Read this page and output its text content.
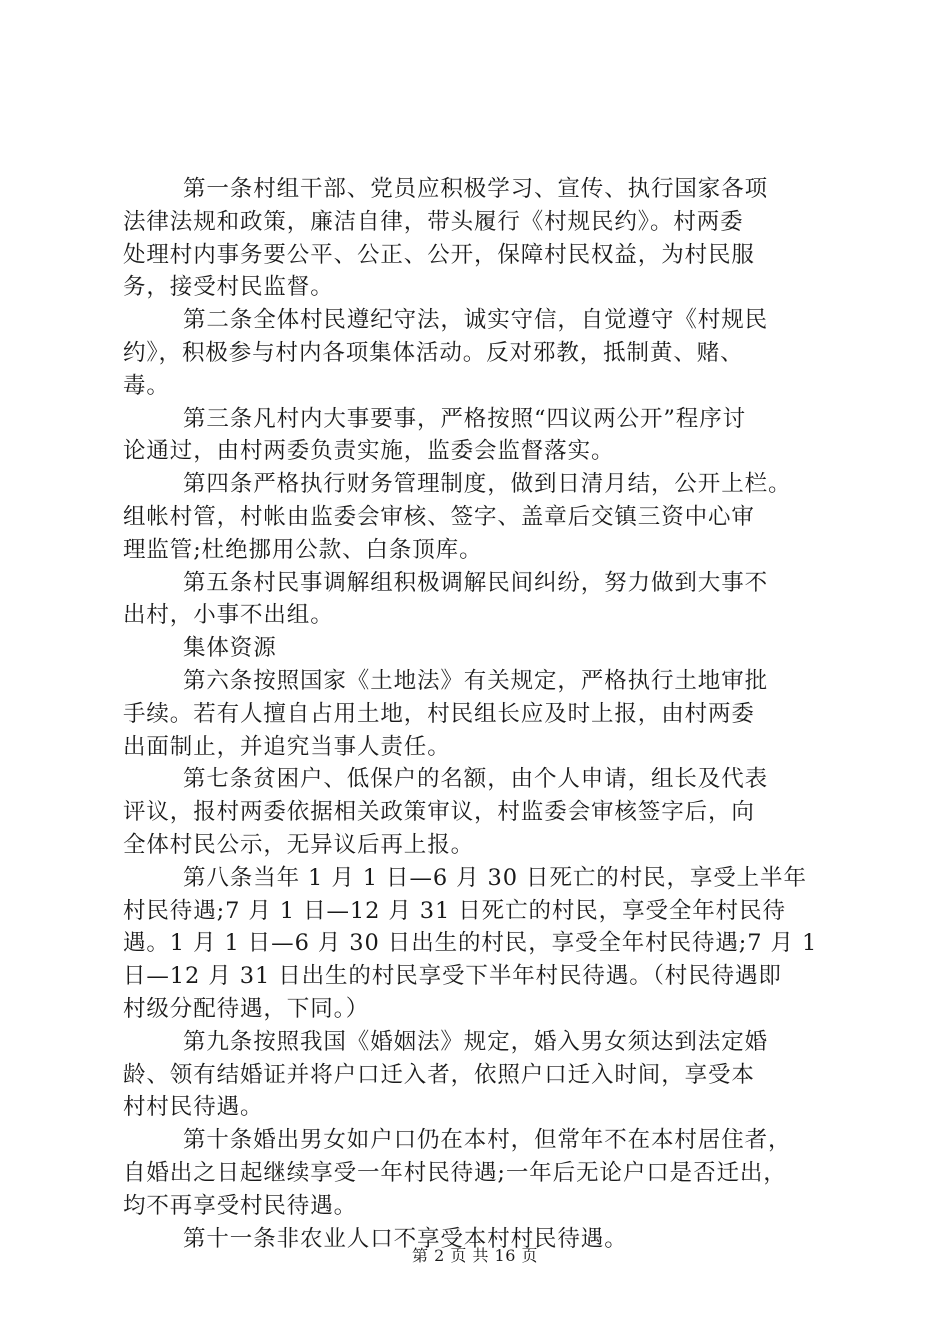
第一条村组干部、党员应积极学习、宣传、执行国家各项
法律法规和政策，廉洁自律，带头履行《村规民约》。村两委
处理村内事务要公平、公正、公开，保障村民权益，为村民服
务，接受村民监督。

第二条全体村民遵纪守法，诚实守信，自觉遵守《村规民
约》，积极参与村内各项集体活动。反对邪教，抵制黄、赌、
毒。

第三条凡村内大事要事，严格按照“四议两公开”程序讨
论通过，由村两委负责实施，监委会监督落实。

第四条严格执行财务管理制度，做到日清月结，公开上栏。
组帐村管，村帐由监委会审核、签字、盖章后交镇三资中心审
理监管;杜绝挪用公款、白条顶库。

第五条村民事调解组积极调解民间纠纷，努力做到大事不
出村，小事不出组。

集体资源

第六条按照国家《土地法》有关规定，严格执行土地审批
手续。若有人擅自占用土地，村民组长应及时上报，由村两委
出面制止，并追究当事人责任。

第七条贫困户、低保户的名额，由个人申请，组长及代表
评议，报村两委依据相关政策审议，村监委会审核签字后，向
全体村民公示，无异议后再上报。

第八条当年 1 月 1 日—6 月 30 日死亡的村民，享受上半年
村民待遇;7 月 1 日—12 月 31 日死亡的村民，享受全年村民待
遇。1 月 1 日—6 月 30 日出生的村民，享受全年村民待遇;7 月 1
日—12 月 31 日出生的村民享受下半年村民待遇。（村民待遇即
村级分配待遇，下同。）

第九条按照我国《婚姻法》规定，婚入男女须达到法定婚
龄、领有结婚证并将户口迁入者，依照户口迁入时间，享受本
村村民待遇。

第十条婚出男女如户口仍在本村，但常年不在本村居住者，
自婚出之日起继续享受一年村民待遇;一年后无论户口是否迁出，
均不再享受村民待遇。

第十一条非农业人口不享受本村村民待遇。

第 2 页 共 16 页
